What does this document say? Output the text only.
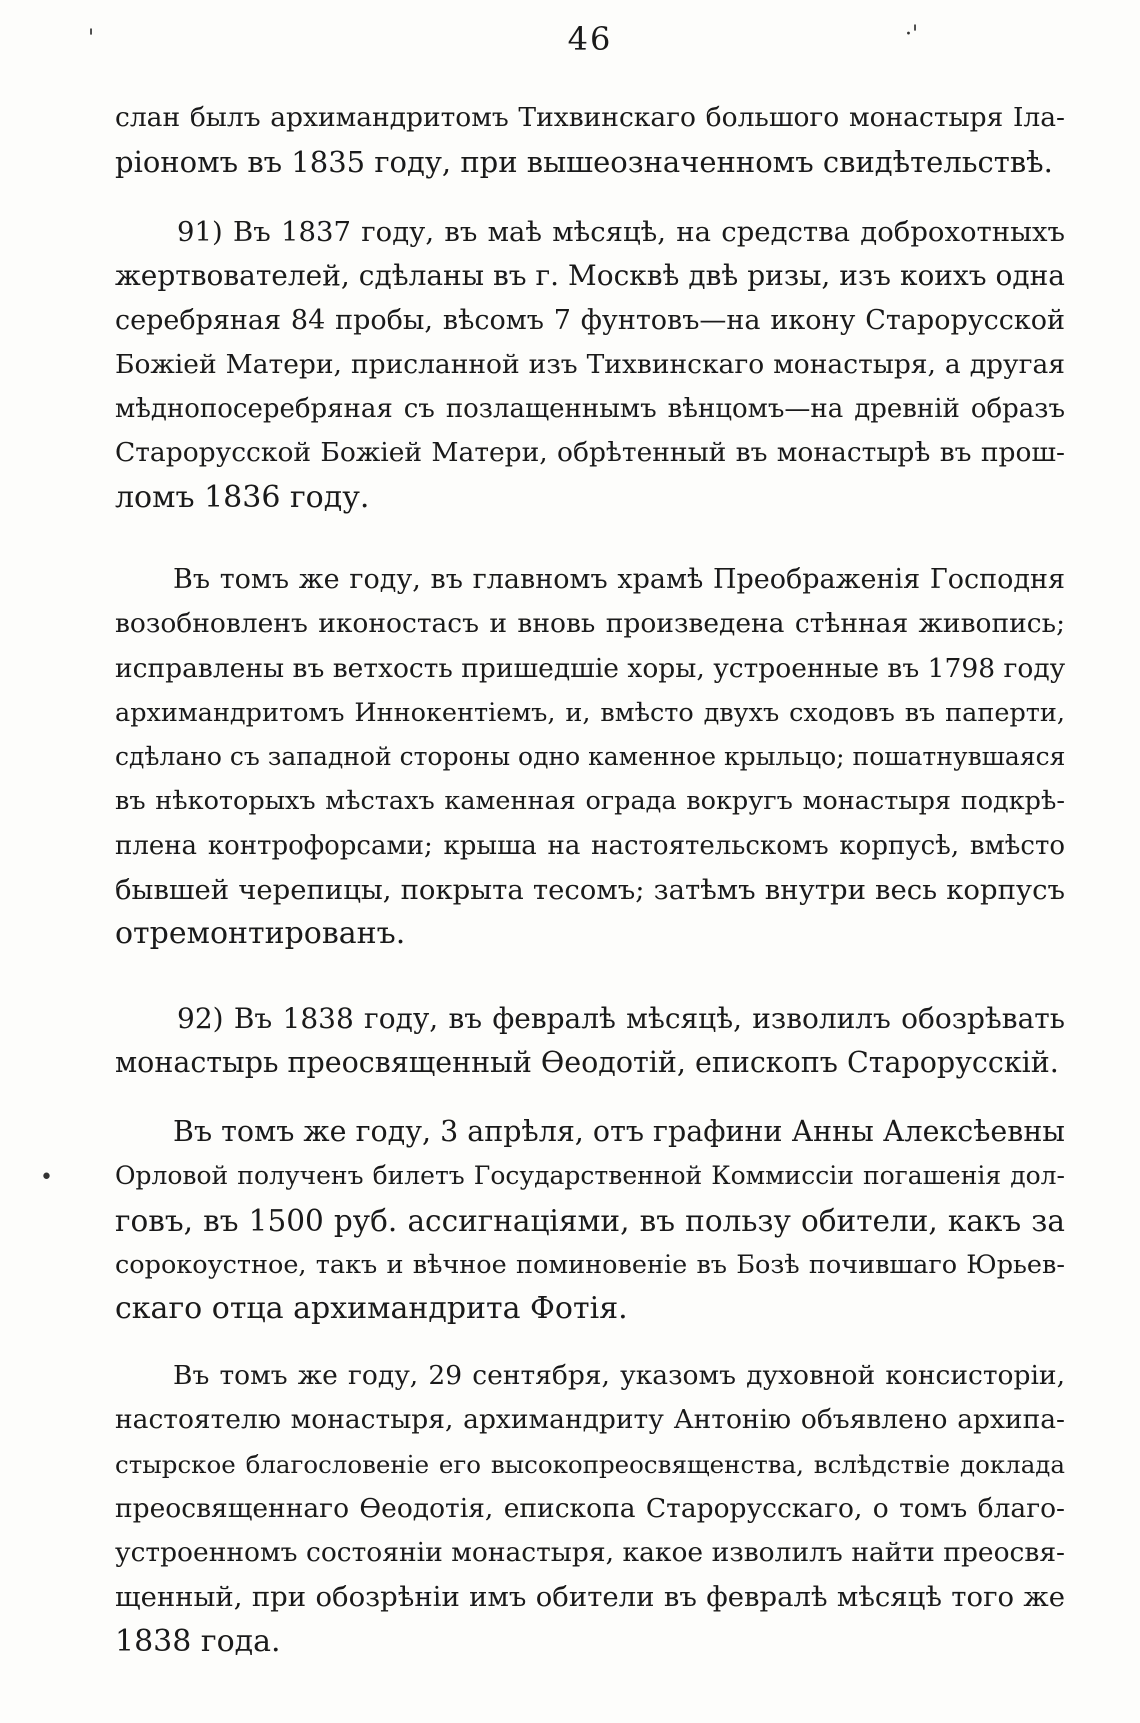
46
'	·'
•
слан былъ архимандритомъ Тихвинскаго большого монастыря Іла-
ріономъ въ 1835 году, при вышеозначенномъ свидѣтельствѣ.
91) Въ 1837 году, въ маѣ мѣсяцѣ, на средства доброхотныхъ
жертвователей, сдѣланы въ г. Москвѣ двѣ ризы, изъ коихъ одна
серебряная 84 пробы, вѣсомъ 7 фунтовъ—на икону Старорусской
Божіей Матери, присланной изъ Тихвинскаго монастыря, а другая
мѣднопосеребряная съ позлащеннымъ вѣнцомъ—на древній образъ
Старорусской Божіей Матери, обрѣтенный въ монастырѣ въ прош-
ломъ 1836 году.
Въ томъ же году, въ главномъ храмѣ Преображенія Господня
возобновленъ иконостасъ и вновь произведена стѣнная живопись;
исправлены въ ветхость пришедшіе хоры, устроенные въ 1798 году
архимандритомъ Иннокентіемъ, и, вмѣсто двухъ сходовъ въ паперти,
сдѣлано съ западной стороны одно каменное крыльцо; пошатнувшаяся
въ нѣкоторыхъ мѣстахъ каменная ограда вокругъ монастыря подкрѣ-
плена контрофорсами; крыша на настоятельскомъ корпусѣ, вмѣсто
бывшей черепицы, покрыта тесомъ; затѣмъ внутри весь корпусъ
отремонтированъ.
92) Въ 1838 году, въ февралѣ мѣсяцѣ, изволилъ обозрѣвать
монастырь преосвященный Ѳеодотій, епископъ Старорусскій.
Въ томъ же году, 3 апрѣля, отъ графини Анны Алексѣевны
Орловой полученъ билетъ Государственной Коммиссіи погашенія дол-
говъ, въ 1500 руб. ассигнаціями, въ пользу обители, какъ за
сорокоустное, такъ и вѣчное поминовеніе въ Бозѣ почившаго Юрьев-
скаго отца архимандрита Фотія.
Въ томъ же году, 29 сентября, указомъ духовной консисторіи,
настоятелю монастыря, архимандриту Антонію объявлено архипа-
стырское благословеніе его высокопреосвященства, вслѣдствіе доклада
преосвященнаго Ѳеодотія, епископа Старорусскаго, о томъ благо-
устроенномъ состояніи монастыря, какое изволилъ найти преосвя-
щенный, при обозрѣніи имъ обители въ февралѣ мѣсяцѣ того же
1838 года.
